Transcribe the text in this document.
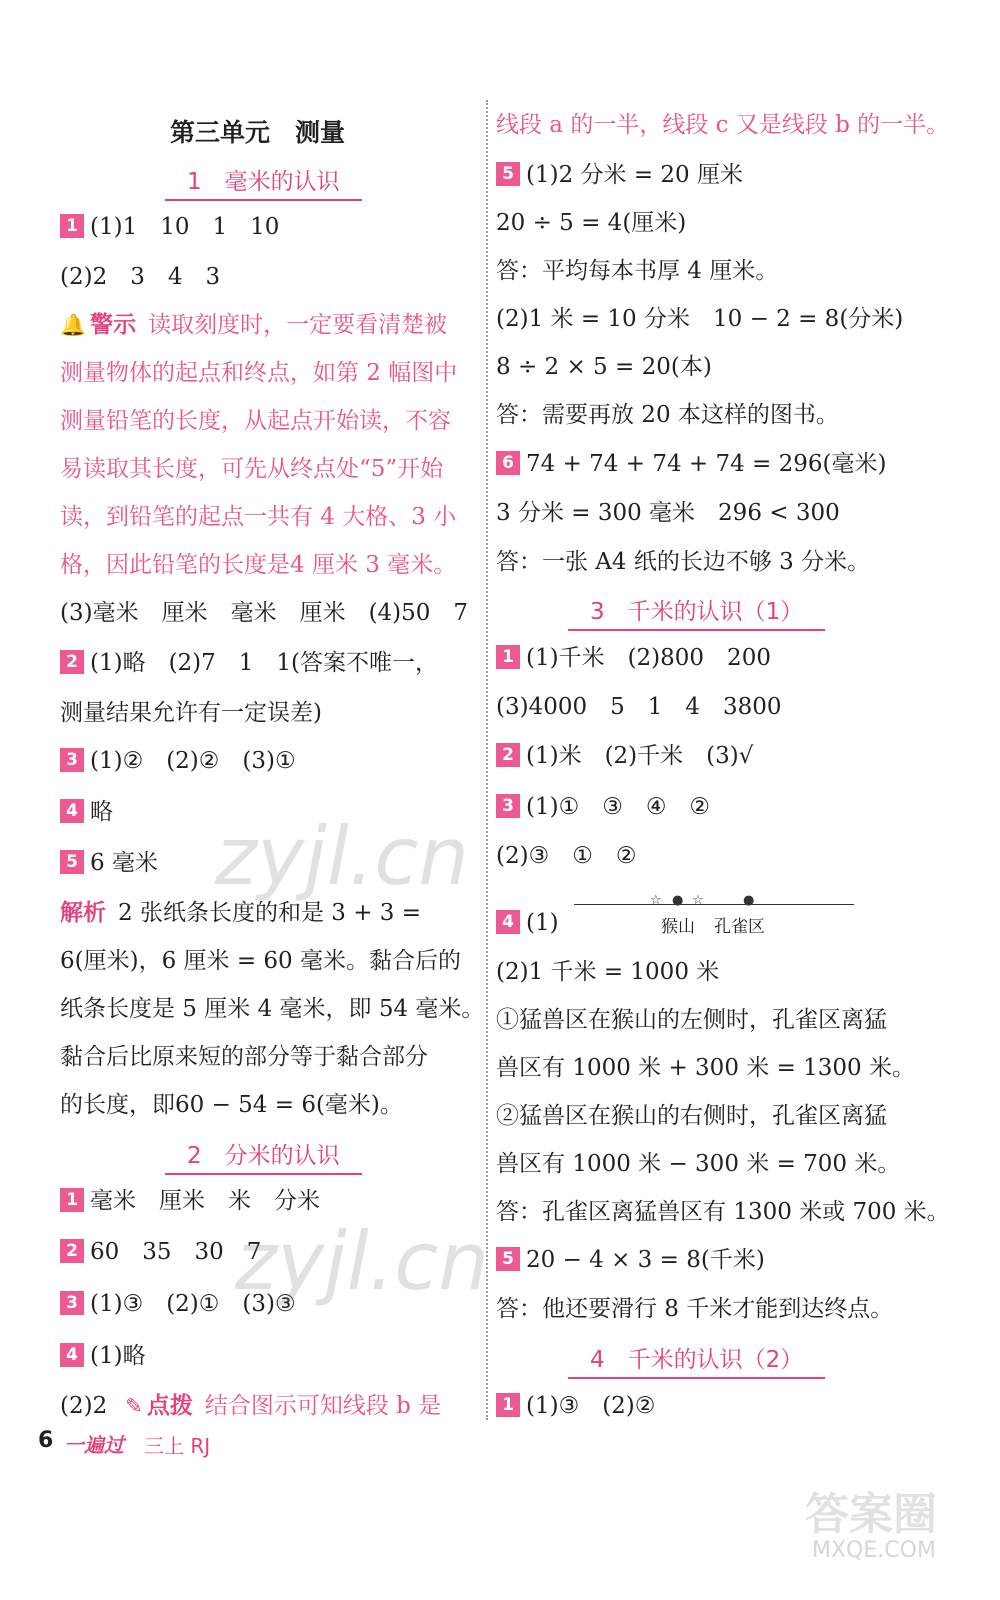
第三单元　测量
1　毫米的认识
1 (1)1　10　1　10
(2)2　3　4　3
🔔 警示 读取刻度时，一定要看清楚被
测量物体的起点和终点，如第 2 幅图中
测量铅笔的长度，从起点开始读，不容
易读取其长度，可先从终点处“5”开始
读，到铅笔的起点一共有 4 大格、3 小
格，因此铅笔的长度是4 厘米 3 毫米。
(3)毫米　厘米　毫米　厘米　(4)50　7
2 (1)略　(2)7　1　1(答案不唯一，
测量结果允许有一定误差)
3 (1)②　(2)②　(3)①
4 略
5 6 毫米
解析 2 张纸条长度的和是 3 + 3 =
6(厘米)，6 厘米 = 60 毫米。黏合后的
纸条长度是 5 厘米 4 毫米，即 54 毫米。
黏合后比原来短的部分等于黏合部分
的长度，即60 − 54 = 6(毫米)。
2　分米的认识
1 毫米　厘米　米　分米
2 60　35　30　7
3 (1)③　(2)①　(3)③
4 (1)略
(2)2 ✎ 点拨 结合图示可知线段 b 是
线段 a 的一半，线段 c 又是线段 b 的一半。
5 (1)2 分米 = 20 厘米
20 ÷ 5 = 4(厘米)
答：平均每本书厚 4 厘米。
(2)1 米 = 10 分米　10 − 2 = 8(分米)
8 ÷ 2 × 5 = 20(本)
答：需要再放 20 本这样的图书。
6 74 + 74 + 74 + 74 = 296(毫米)
3 分米 = 300 毫米　296 < 300
答：一张 A4 纸的长边不够 3 分米。
3　千米的认识（1）
1 (1)千米　(2)800　200
(3)4000　5　1　4　3800
2 (1)米　(2)千米　(3)√
3 (1)①　③　④　②
(2)③　①　②
☆ ● ☆	●
猴山 孔雀区
4 (1)
(2)1 千米 = 1000 米
①猛兽区在猴山的左侧时，孔雀区离猛
兽区有 1000 米 + 300 米 = 1300 米。
②猛兽区在猴山的右侧时，孔雀区离猛
兽区有 1000 米 − 300 米 = 700 米。
答：孔雀区离猛兽区有 1300 米或 700 米。
5 20 − 4 × 3 = 8(千米)
答：他还要滑行 8 千米才能到达终点。
4　千米的认识（2）
1 (1)③　(2)②
6 一遍过 三上 RJ
zyjl.cn
zyjl.cn
答案圈
MXQE.COM
